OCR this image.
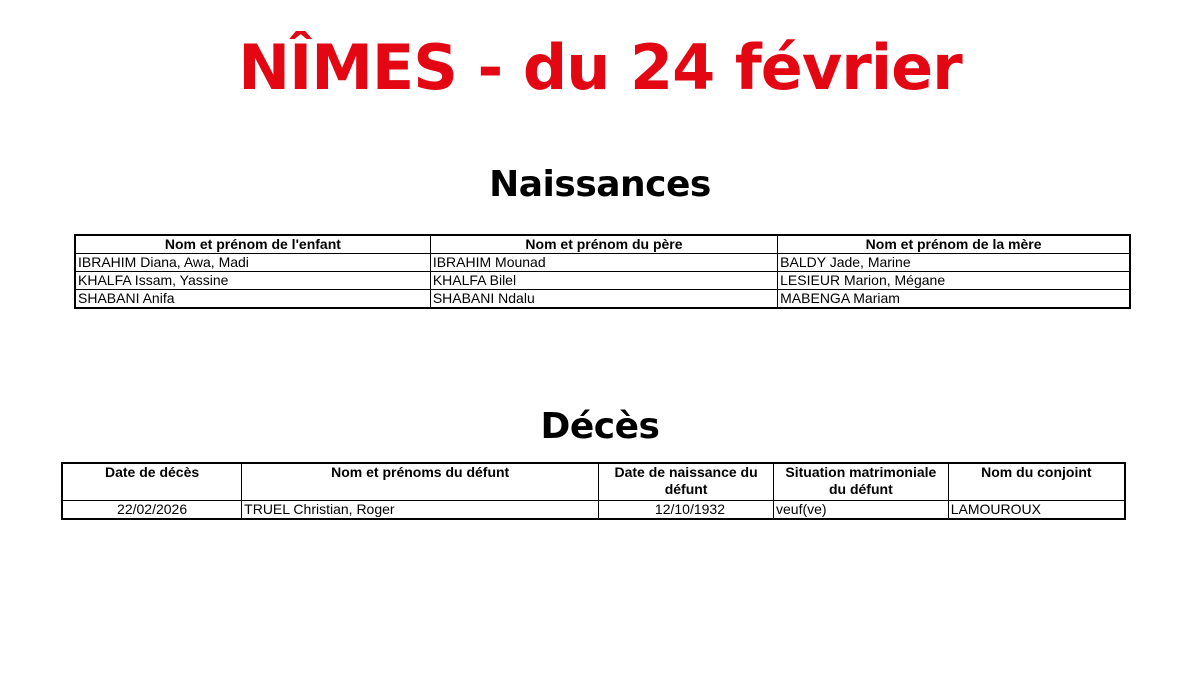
NÎMES - du 24 février
Naissances
Nom et prénom de l'enfant	Nom et prénom du père	Nom et prénom de la mère
IBRAHIM Diana, Awa, Madi	IBRAHIM Mounad	BALDY Jade, Marine
KHALFA Issam, Yassine	KHALFA Bilel	LESIEUR Marion, Mégane
SHABANI Anifa	SHABANI Ndalu	MABENGA Mariam
Décès
Date de décès	Nom et prénoms du défunt	Date de naissance du défunt	Situation matrimoniale du défunt	Nom du conjoint
22/02/2026	TRUEL Christian, Roger	12/10/1932	veuf(ve)	LAMOUROUX
